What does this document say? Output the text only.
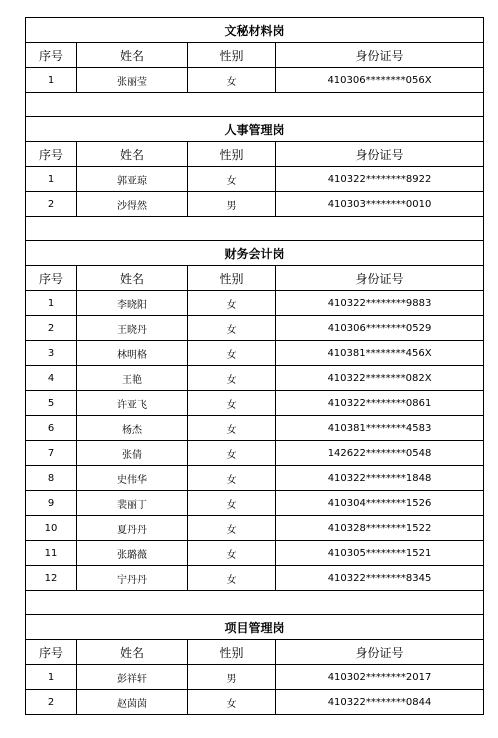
文秘材料岗			
序号	姓名	性别	身份证号
1	张丽莹	女	410306********056X

人事管理岗			
序号	姓名	性别	身份证号
1	郭亚琼	女	410322********8922
2	沙得然	男	410303********0010

财务会计岗			
序号	姓名	性别	身份证号
1	李晓阳	女	410322********9883
2	王晓丹	女	410306********0529
3	林明格	女	410381********456X
4	王艳	女	410322********082X
5	许亚飞	女	410322********0861
6	杨杰	女	410381********4583
7	张倩	女	142622********0548
8	史伟华	女	410322********1848
9	裴丽丁	女	410304********1526
10	夏丹丹	女	410328********1522
11	张璐薇	女	410305********1521
12	宁丹丹	女	410322********8345

项目管理岗			
序号	姓名	性别	身份证号
1	彭祥轩	男	410302********2017
2	赵茵茵	女	410322********0844
